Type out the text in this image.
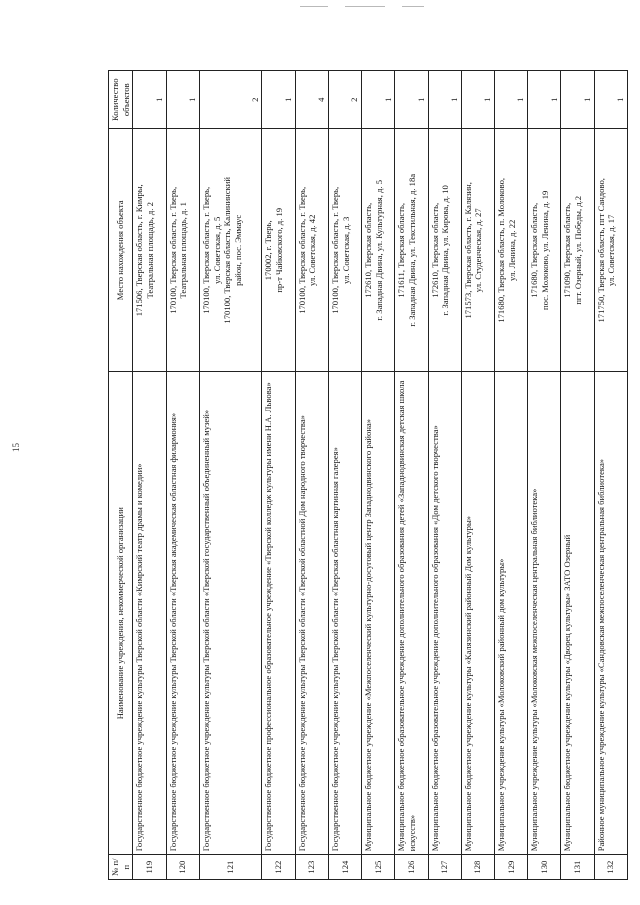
15
№ п/п	Наименование учреждения, некоммерческой организации	Место нахождения объекта	Количество объектов
119	Государственное бюджетное учреждение культуры Тверской области «Кимрский театр драмы и комедии»	171506, Тверская область, г. Кимры, Театральная площадь, д. 2	1
120	Государственное бюджетное учреждение культуры Тверской области «Тверская академическая областная филармония»	170100, Тверская область, г. Тверь, Театральная площадь, д. 1	1
121	Государственное бюджетное учреждение культуры Тверской области «Тверской государственный объединенный музей»	170100, Тверская область, г. Тверь, ул. Советская, д. 5 170100, Тверская область, Калининский район, пос. Эммаус	2
122	Государственное бюджетное профессиональное образовательное учреждение «Тверской колледж культуры имени Н.А. Львова»	170002, г. Тверь, пр-т Чайковского, д. 19	1
123	Государственное бюджетное учреждение культуры Тверской области «Тверской областной Дом народного творчества»	170100, Тверская область, г. Тверь, ул. Советская, д. 42	4
124	Государственное бюджетное учреждение культуры Тверской области «Тверская областная картинная галерея»	170100, Тверская область, г. Тверь, ул. Советская, д. 3	2
125	Муниципальное бюджетное учреждение «Межпоселенческий культурно-досуговый центр Западнодвинского района»	172610, Тверская область, г. Западная Двина, ул. Культурная, д. 5	1
126	Муниципальное бюджетное образовательное учреждение дополнительного образования детей «Западнодвинская детская школа искусств»	171611, Тверская область, г. Западная Двина, ул. Текстильная, д. 18а	1
127	Муниципальное бюджетное образовательное учреждение дополнительного образования «Дом детского творчества»	172610, Тверская область, г. Западная Двина, ул. Кирова, д. 10	1
128	Муниципальное бюджетное учреждение культуры «Калязинский районный Дом культуры»	171573, Тверская область, г. Калязин, ул. Студенческая, д. 27	1
129	Муниципальное учреждение культуры «Молоковский районный дом культуры»	171680, Тверская область, п. Молоково, ул. Ленина, д. 22	1
130	Муниципальное учреждение культуры «Молоковская межпоселенческая центральная библиотека»	171680, Тверская область, пос. Молоково, ул. Ленина, д. 19	1
131	Муниципальное бюджетное учреждение культуры «Дворец культуры» ЗАТО Озерный	171090, Тверская область, пгт. Озерный, ул. Победы, д.2	1
132	Районное муниципальное учреждение культуры «Сандовская межпоселенческая центральная библиотека»	171750, Тверская область, пгт Сандово, ул. Советская, д. 17	1
